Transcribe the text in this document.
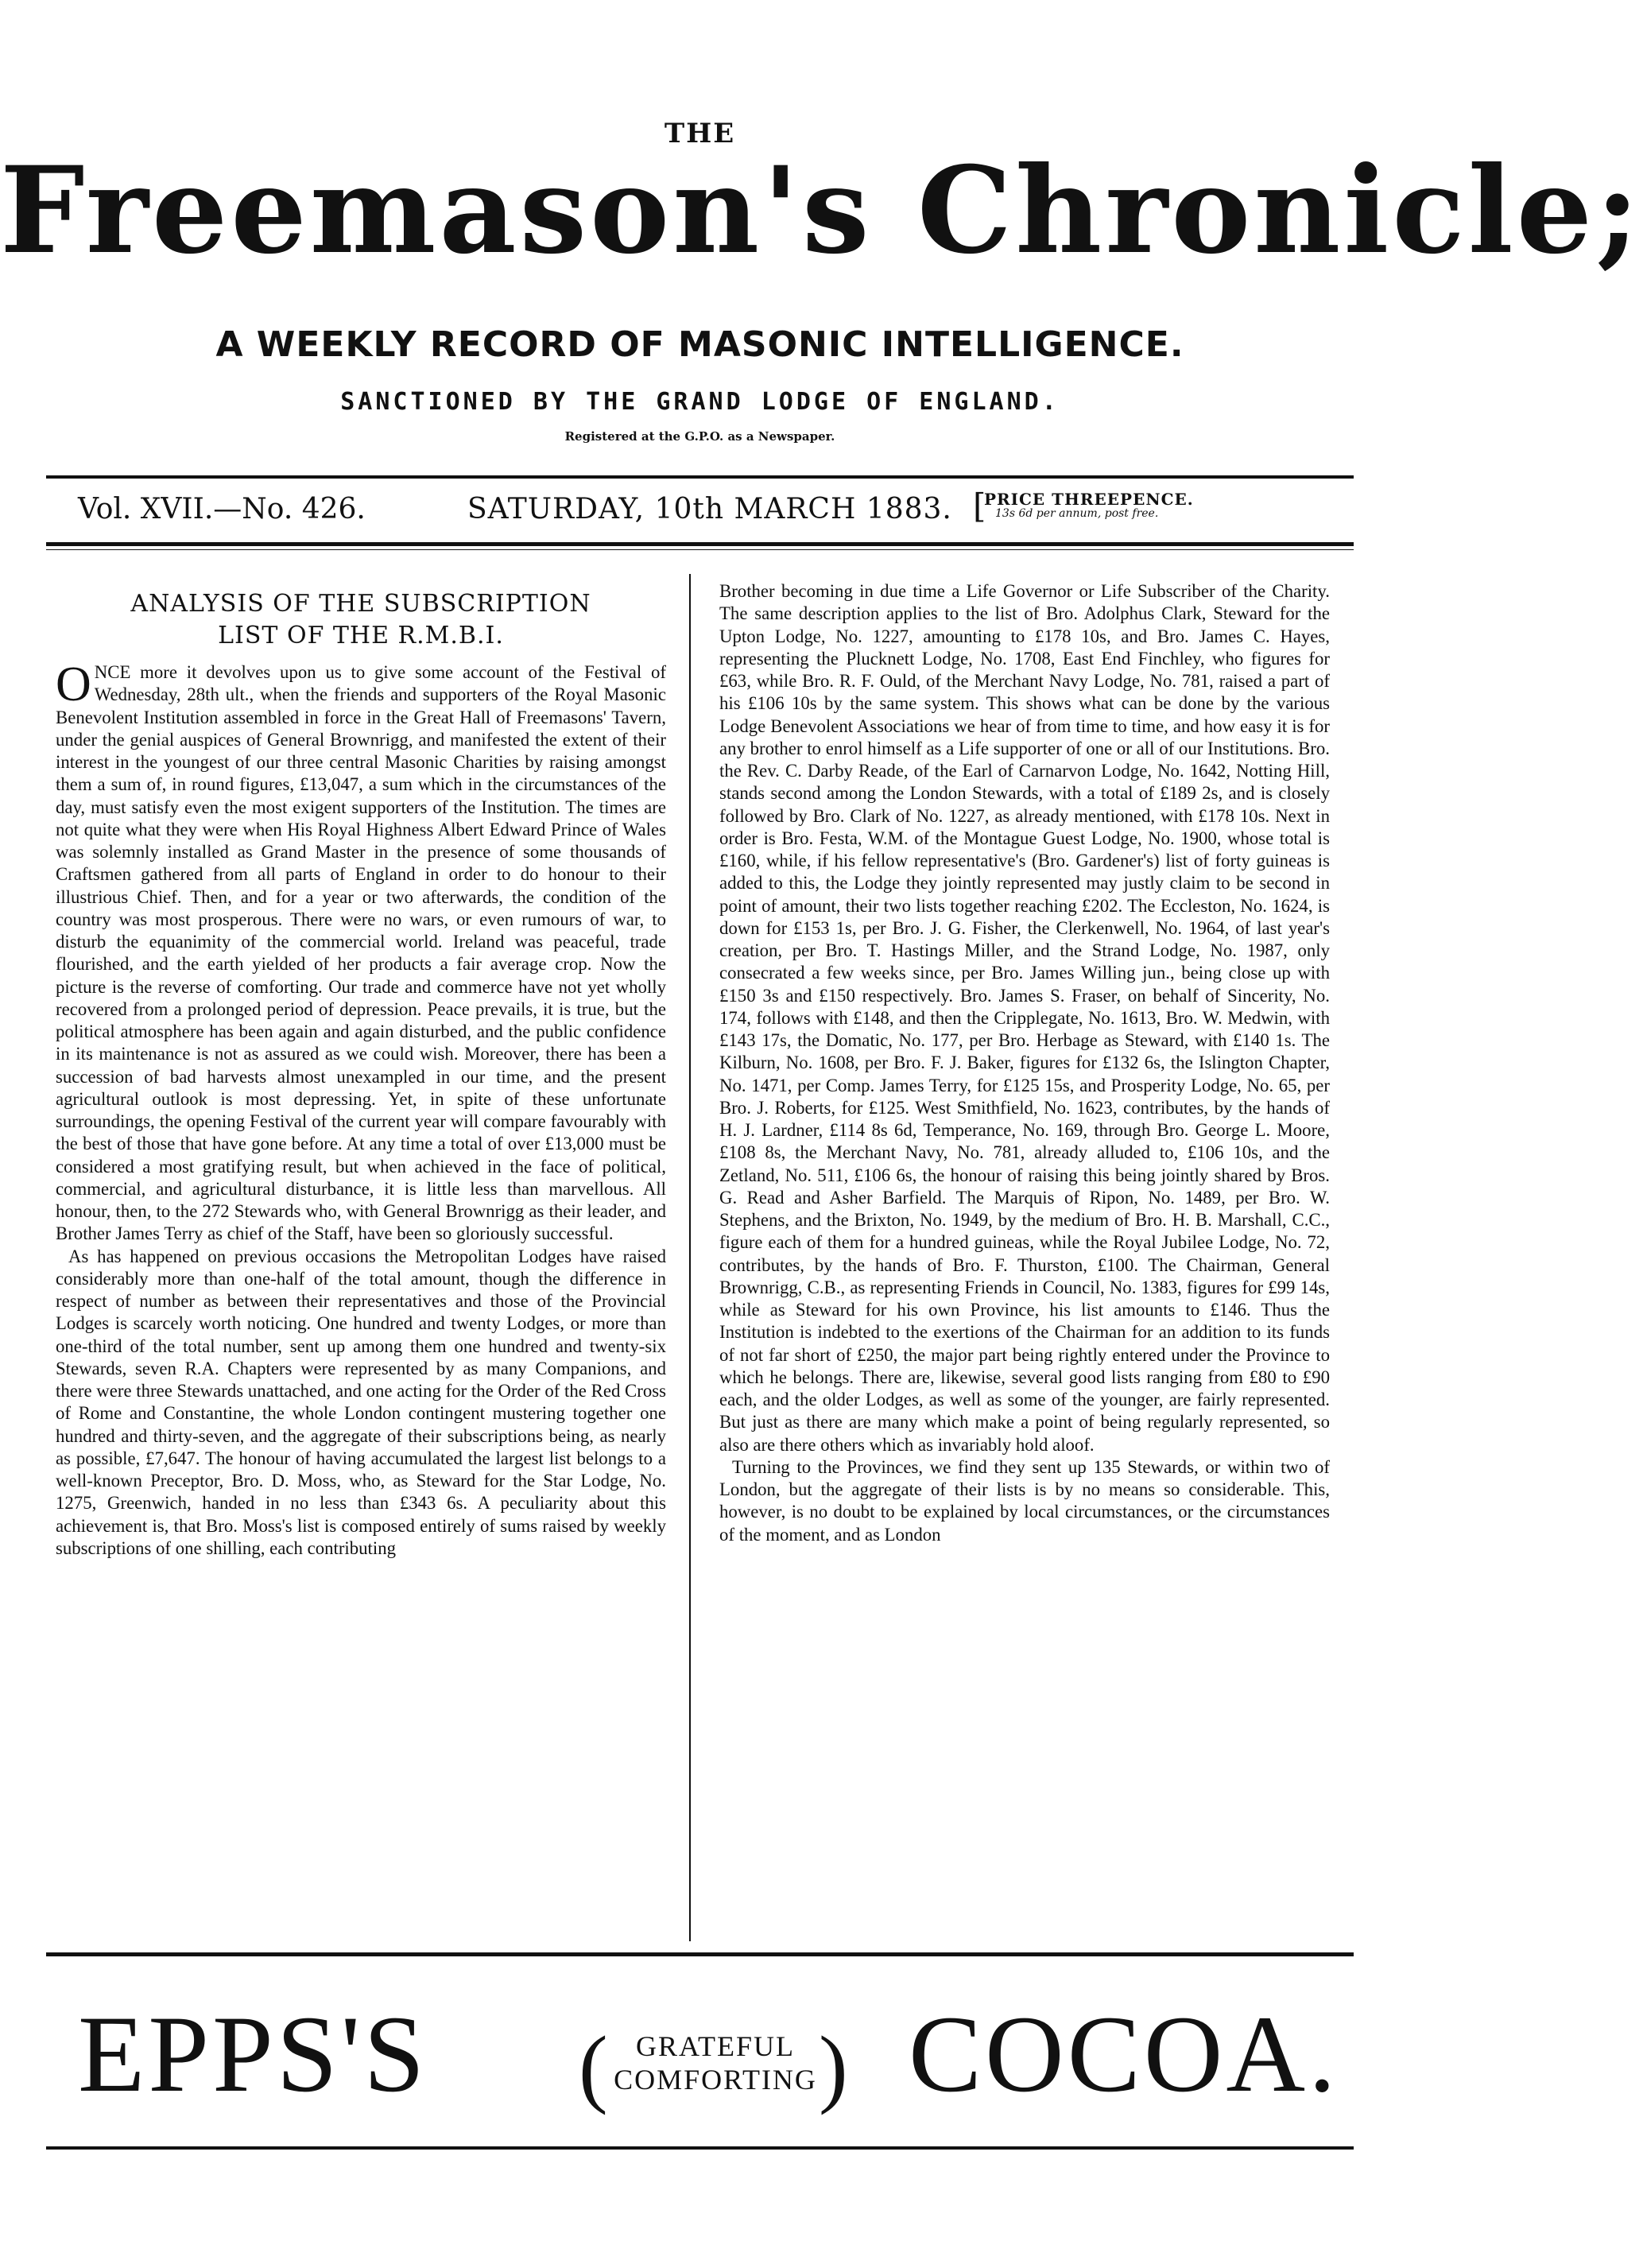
THE
Freemason's Chronicle;
A WEEKLY RECORD OF MASONIC INTELLIGENCE.
SANCTIONED BY THE GRAND LODGE OF ENGLAND.
Registered at the G.P.O. as a Newspaper.
Vol. XVII.—No. 426.	SATURDAY, 10th MARCH 1883. [
PRICE THREEPENCE.
13s 6d per annum, post free.
ANALYSIS OF THE SUBSCRIPTION
LIST OF THE R.M.B.I.

ONCE more it devolves upon us to give some account of the Festival of Wednesday, 28th ult., when the friends and supporters of the Royal Masonic Benevolent Institution assembled in force in the Great Hall of Freemasons' Tavern, under the genial auspices of General Brownrigg, and manifested the extent of their interest in the youngest of our three central Masonic Charities by raising amongst them a sum of, in round figures, £13,047, a sum which in the circumstances of the day, must satisfy even the most exigent supporters of the Institution. The times are not quite what they were when His Royal Highness Albert Edward Prince of Wales was solemnly installed as Grand Master in the presence of some thousands of Craftsmen gathered from all parts of England in order to do honour to their illustrious Chief. Then, and for a year or two afterwards, the condition of the country was most prosperous. There were no wars, or even rumours of war, to disturb the equanimity of the commercial world. Ireland was peaceful, trade flourished, and the earth yielded of her products a fair average crop. Now the picture is the reverse of comforting. Our trade and commerce have not yet wholly recovered from a prolonged period of depression. Peace prevails, it is true, but the political atmosphere has been again and again disturbed, and the public confidence in its maintenance is not as assured as we could wish. Moreover, there has been a succession of bad harvests almost unexampled in our time, and the present agricultural outlook is most depressing. Yet, in spite of these unfortunate surroundings, the opening Festival of the current year will compare favourably with the best of those that have gone before. At any time a total of over £13,000 must be considered a most gratifying result, but when achieved in the face of political, commercial, and agricultural disturbance, it is little less than marvellous. All honour, then, to the 272 Stewards who, with General Brownrigg as their leader, and Brother James Terry as chief of the Staff, have been so gloriously successful.

As has happened on previous occasions the Metropolitan Lodges have raised considerably more than one-half of the total amount, though the difference in respect of number as between their representatives and those of the Provincial Lodges is scarcely worth noticing. One hundred and twenty Lodges, or more than one-third of the total number, sent up among them one hundred and twenty-six Stewards, seven R.A. Chapters were represented by as many Companions, and there were three Stewards unattached, and one acting for the Order of the Red Cross of Rome and Constantine, the whole London contingent mustering together one hundred and thirty-seven, and the aggregate of their subscriptions being, as nearly as possible, £7,647. The honour of having accumulated the largest list belongs to a well-known Preceptor, Bro. D. Moss, who, as Steward for the Star Lodge, No. 1275, Greenwich, handed in no less than £343 6s. A peculiarity about this achievement is, that Bro. Moss's list is composed entirely of sums raised by weekly subscriptions of one shilling, each contributing

Brother becoming in due time a Life Governor or Life Subscriber of the Charity. The same description applies to the list of Bro. Adolphus Clark, Steward for the Upton Lodge, No. 1227, amounting to £178 10s, and Bro. James C. Hayes, representing the Plucknett Lodge, No. 1708, East End Finchley, who figures for £63, while Bro. R. F. Ould, of the Merchant Navy Lodge, No. 781, raised a part of his £106 10s by the same system. This shows what can be done by the various Lodge Benevolent Associations we hear of from time to time, and how easy it is for any brother to enrol himself as a Life supporter of one or all of our Institutions. Bro. the Rev. C. Darby Reade, of the Earl of Carnarvon Lodge, No. 1642, Notting Hill, stands second among the London Stewards, with a total of £189 2s, and is closely followed by Bro. Clark of No. 1227, as already mentioned, with £178 10s. Next in order is Bro. Festa, W.M. of the Montague Guest Lodge, No. 1900, whose total is £160, while, if his fellow representative's (Bro. Gardener's) list of forty guineas is added to this, the Lodge they jointly represented may justly claim to be second in point of amount, their two lists together reaching £202. The Eccleston, No. 1624, is down for £153 1s, per Bro. J. G. Fisher, the Clerkenwell, No. 1964, of last year's creation, per Bro. T. Hastings Miller, and the Strand Lodge, No. 1987, only consecrated a few weeks since, per Bro. James Willing jun., being close up with £150 3s and £150 respectively. Bro. James S. Fraser, on behalf of Sincerity, No. 174, follows with £148, and then the Cripplegate, No. 1613, Bro. W. Medwin, with £143 17s, the Domatic, No. 177, per Bro. Herbage as Steward, with £140 1s. The Kilburn, No. 1608, per Bro. F. J. Baker, figures for £132 6s, the Islington Chapter, No. 1471, per Comp. James Terry, for £125 15s, and Prosperity Lodge, No. 65, per Bro. J. Roberts, for £125. West Smithfield, No. 1623, contributes, by the hands of H. J. Lardner, £114 8s 6d, Temperance, No. 169, through Bro. George L. Moore, £108 8s, the Merchant Navy, No. 781, already alluded to, £106 10s, and the Zetland, No. 511, £106 6s, the honour of raising this being jointly shared by Bros. G. Read and Asher Barfield. The Marquis of Ripon, No. 1489, per Bro. W. Stephens, and the Brixton, No. 1949, by the medium of Bro. H. B. Marshall, C.C., figure each of them for a hundred guineas, while the Royal Jubilee Lodge, No. 72, contributes, by the hands of Bro. F. Thurston, £100. The Chairman, General Brownrigg, C.B., as representing Friends in Council, No. 1383, figures for £99 14s, while as Steward for his own Province, his list amounts to £146. Thus the Institution is indebted to the exertions of the Chairman for an addition to its funds of not far short of £250, the major part being rightly entered under the Province to which he belongs. There are, likewise, several good lists ranging from £80 to £90 each, and the older Lodges, as well as some of the younger, are fairly represented. But just as there are many which make a point of being regularly represented, so also are there others which as invariably hold aloof.

Turning to the Provinces, we find they sent up 135 Stewards, or within two of London, but the aggregate of their lists is by no means so considerable. This, however, is no doubt to be explained by local circumstances, or the circumstances of the moment, and as London

EPPS'S ( GRATEFUL
COMFORTING ) COCOA.
